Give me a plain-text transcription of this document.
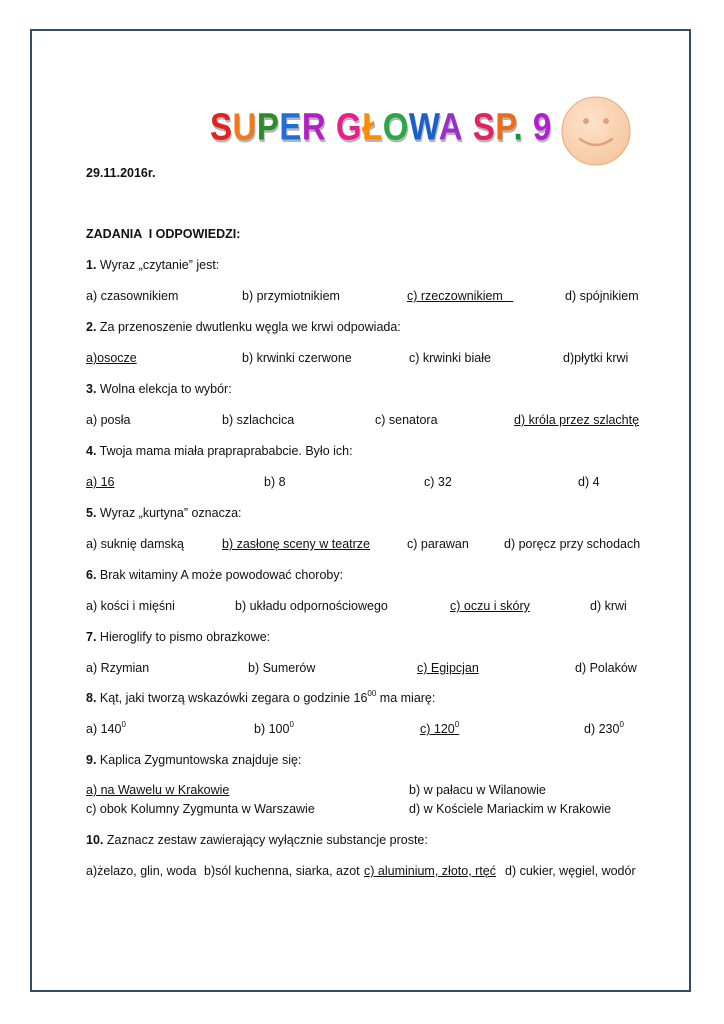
SUPER GŁOWA SP. 9
29.11.2016r.
ZADANIA  I ODPOWIEDZI:
1. Wyraz „czytanie” jest:
a) czasownikiem	b) przymiotnikiem	c) rzeczownikiem	d) spójnikiem
2. Za przenoszenie dwutlenku węgla we krwi odpowiada:
a)osocze	b) krwinki czerwone	c) krwinki białe	d)płytki krwi
3. Wolna elekcja to wybór:
a) posła	b) szlachcica	c) senatora	d) króla przez szlachtę
4. Twoja mama miała prapraprababcie. Było ich:
a) 16	b) 8	c) 32	d) 4
5. Wyraz „kurtyna” oznacza:
a) suknię damską	b) zasłonę sceny w teatrze	c) parawan	d) poręcz przy schodach
6. Brak witaminy A może powodować choroby:
a) kości i mięśni	b) układu odpornościowego	c) oczu i skóry	d) krwi
7. Hieroglify to pismo obrazkowe:
a) Rzymian	b) Sumerów	c) Egipcjan	d) Polaków
8. Kąt, jaki tworzą wskazówki zegara o godzinie $16^{00}$ ma miarę:
a) $140^0$	b) $100^0$	c) $120^0$	d) $230^0$
9. Kaplica Zygmuntowska znajduje się:
a) na Wawelu w Krakowie	b) w pałacu w Wilanowie
c) obok Kolumny Zygmunta w Warszawie	d) w Kościele Mariackim w Krakowie
10. Zaznacz zestaw zawierający wyłącznie substancje proste:
a)żelazo, glin, woda b)sól kuchenna, siarka, azot c) aluminium, złoto, rtęć d) cukier, węgiel, wodór
